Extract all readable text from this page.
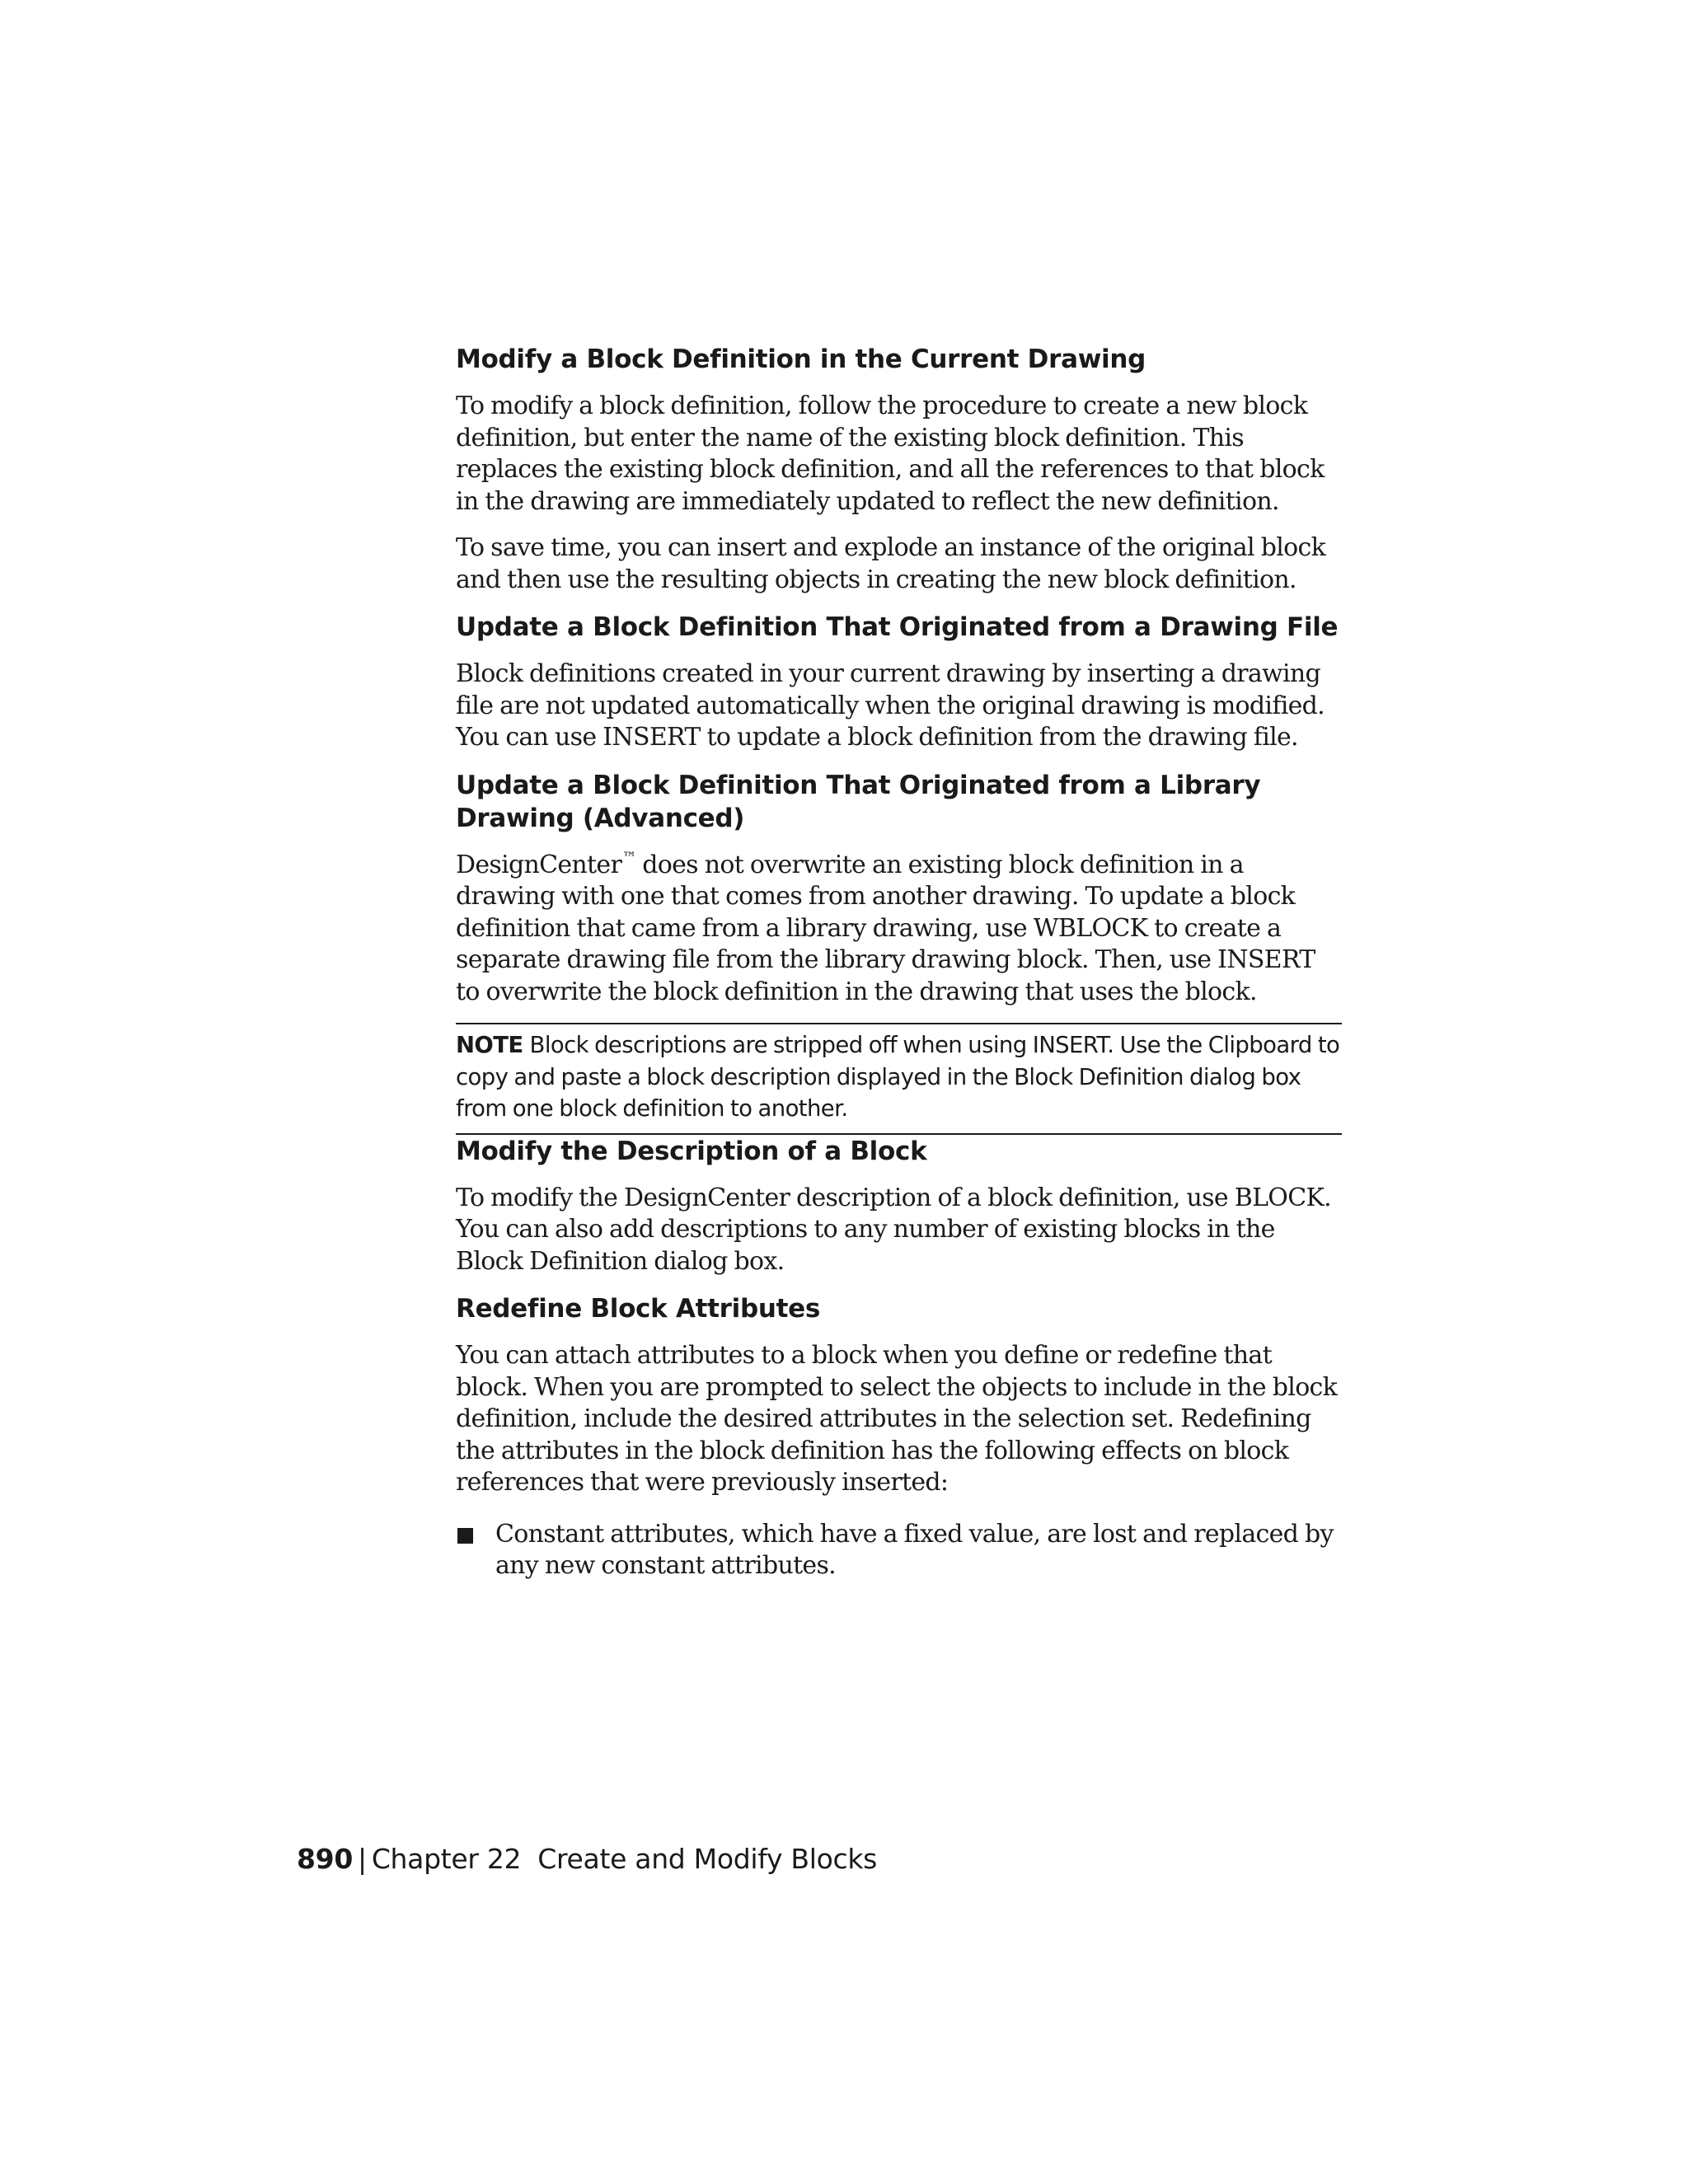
Modify a Block Definition in the Current Drawing

To modify a block definition, follow the procedure to create a new block definition, but enter the name of the existing block definition. This replaces the existing block definition, and all the references to that block in the drawing are immediately updated to reflect the new definition.

To save time, you can insert and explode an instance of the original block and then use the resulting objects in creating the new block definition.

Update a Block Definition That Originated from a Drawing File

Block definitions created in your current drawing by inserting a drawing file are not updated automatically when the original drawing is modified. You can use INSERT to update a block definition from the drawing file.

Update a Block Definition That Originated from a Library Drawing (Advanced)

DesignCenter™ does not overwrite an existing block definition in a drawing with one that comes from another drawing. To update a block definition that came from a library drawing, use WBLOCK to create a separate drawing file from the library drawing block. Then, use INSERT to overwrite the block definition in the drawing that uses the block.

NOTE Block descriptions are stripped off when using INSERT. Use the Clipboard to copy and paste a block description displayed in the Block Definition dialog box from one block definition to another.

Modify the Description of a Block

To modify the DesignCenter description of a block definition, use BLOCK. You can also add descriptions to any number of existing blocks in the Block Definition dialog box.

Redefine Block Attributes

You can attach attributes to a block when you define or redefine that block. When you are prompted to select the objects to include in the block definition, include the desired attributes in the selection set. Redefining the attributes in the block definition has the following effects on block references that were previously inserted:

Constant attributes, which have a fixed value, are lost and replaced by any new constant attributes.
890 | Chapter 22 Create and Modify Blocks
